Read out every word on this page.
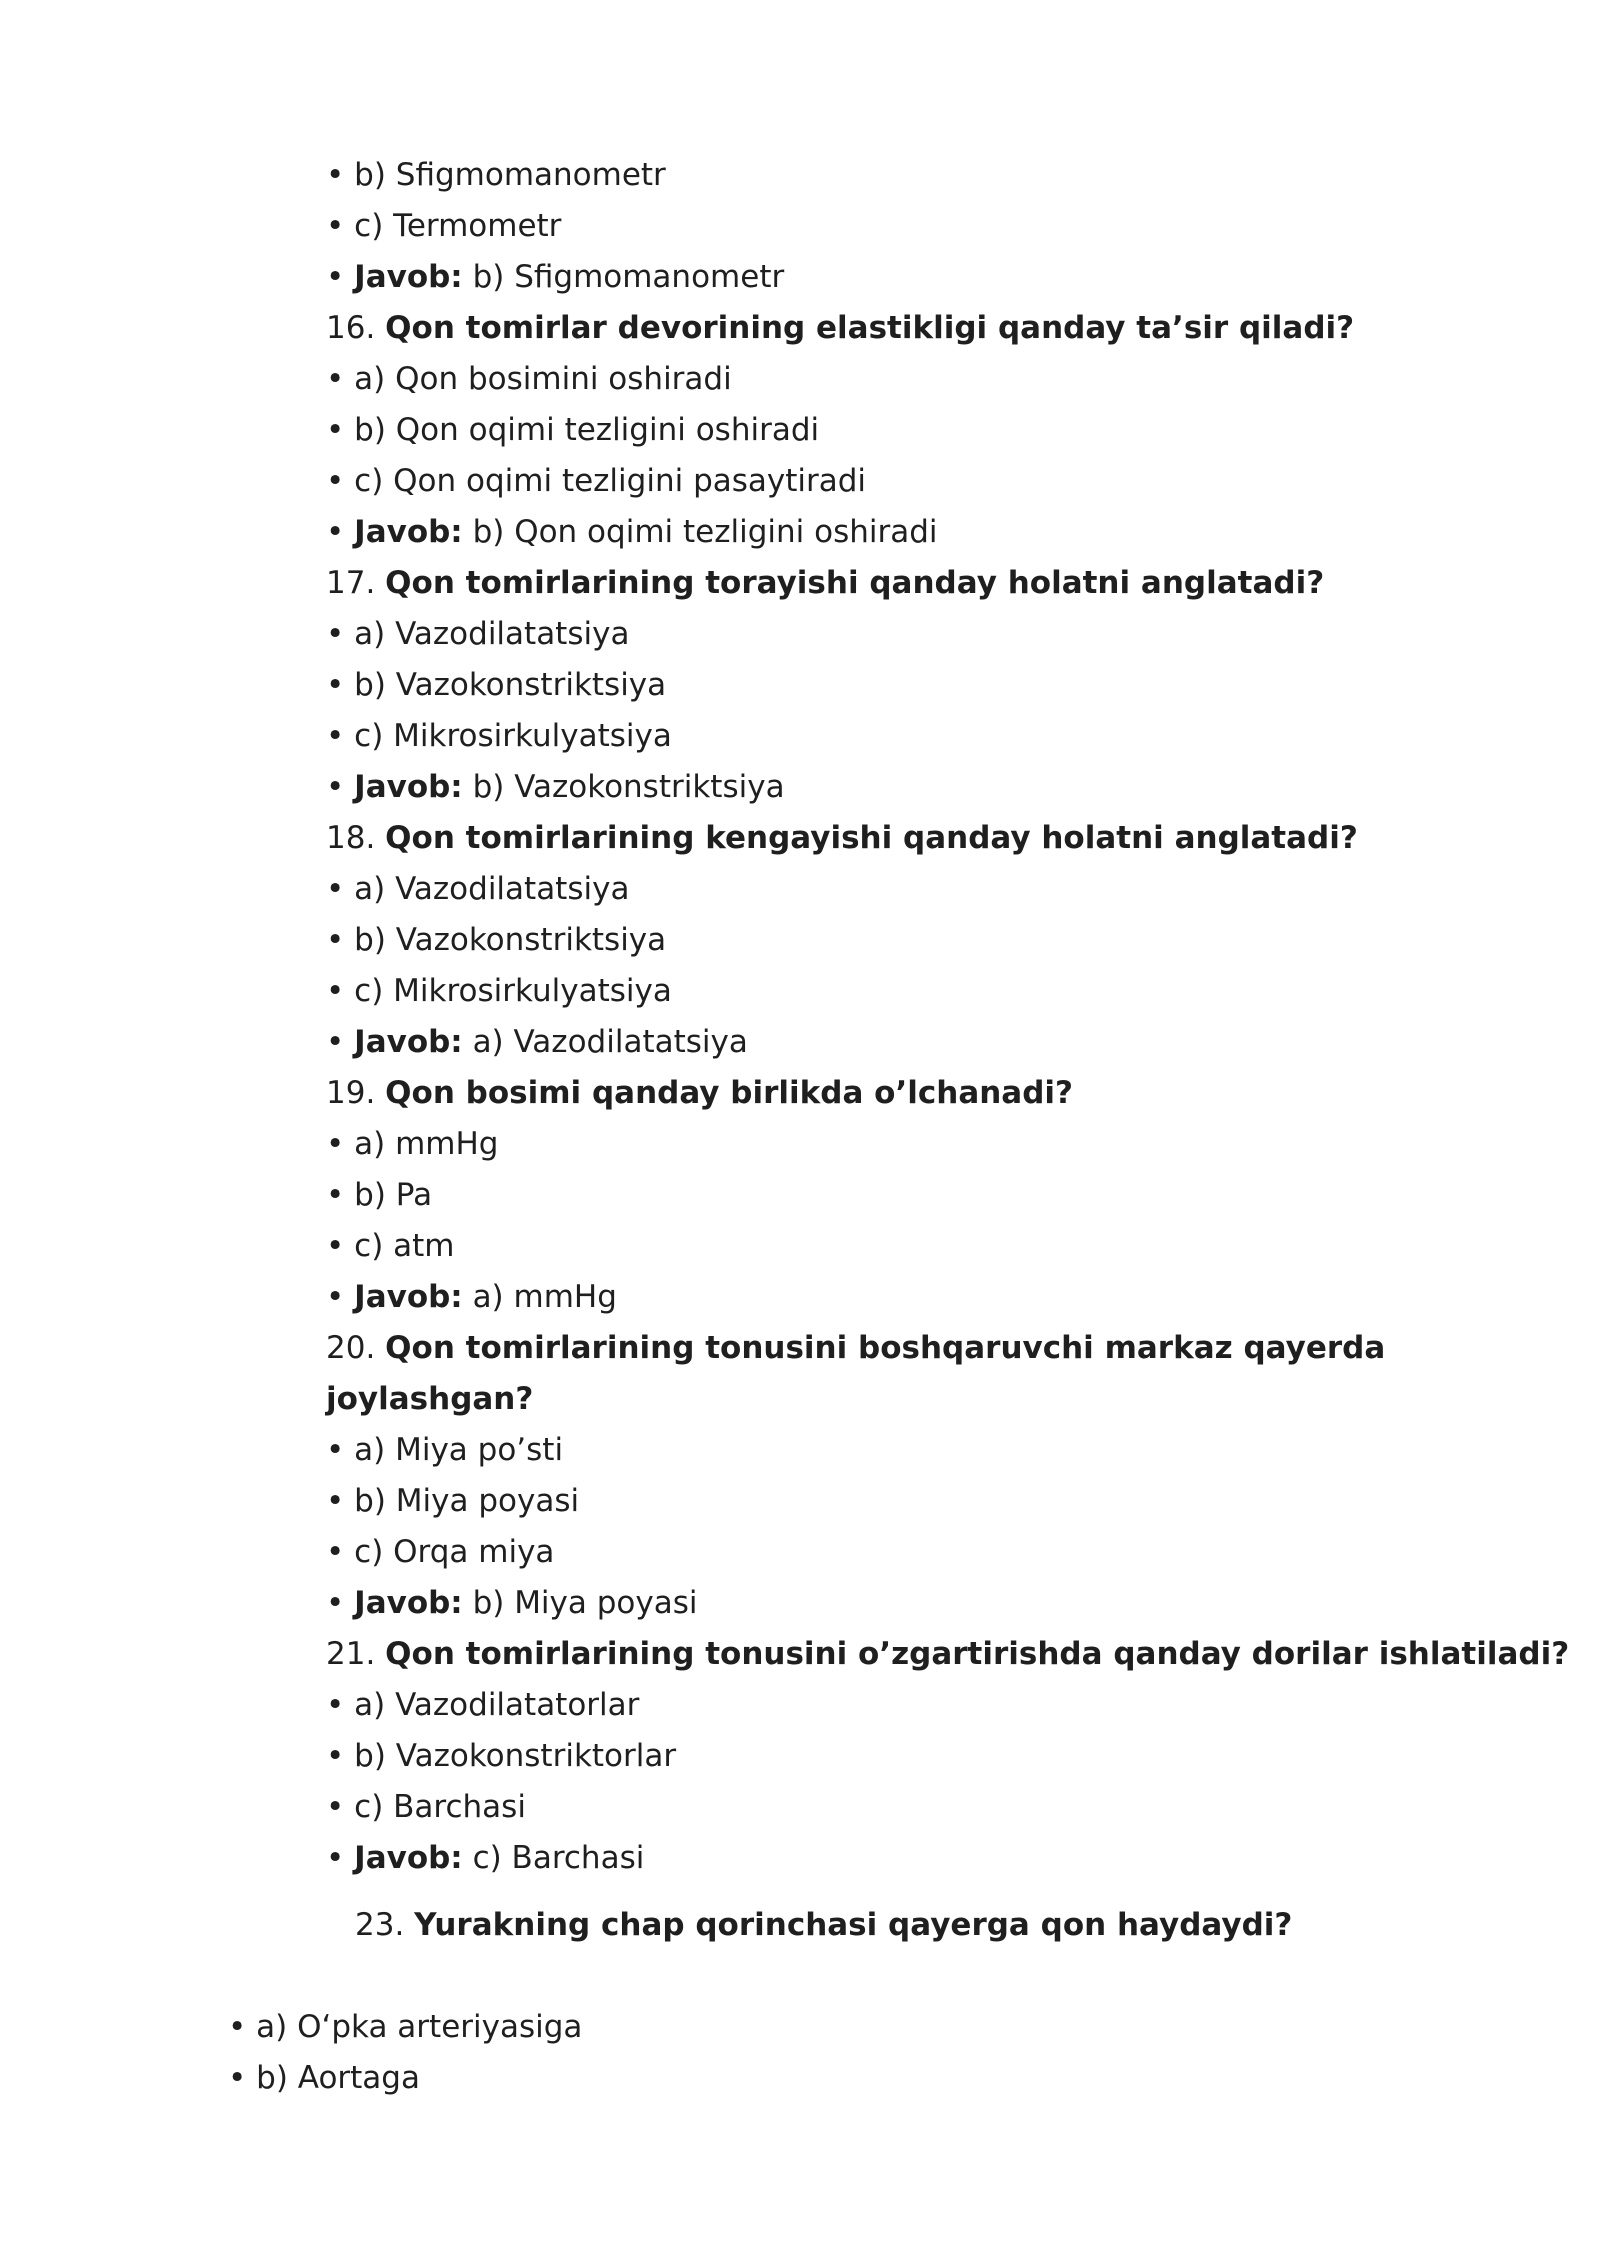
• b) Sfigmomanometr
• c) Termometr
• Javob: b) Sfigmomanometr
16. Qon tomirlar devorining elastikligi qanday ta’sir qiladi?
• a) Qon bosimini oshiradi
• b) Qon oqimi tezligini oshiradi
• c) Qon oqimi tezligini pasaytiradi
• Javob: b) Qon oqimi tezligini oshiradi
17. Qon tomirlarining torayishi qanday holatni anglatadi?
• a) Vazodilatatsiya
• b) Vazokonstriktsiya
• c) Mikrosirkulyatsiya
• Javob: b) Vazokonstriktsiya
18. Qon tomirlarining kengayishi qanday holatni anglatadi?
• a) Vazodilatatsiya
• b) Vazokonstriktsiya
• c) Mikrosirkulyatsiya
• Javob: a) Vazodilatatsiya
19. Qon bosimi qanday birlikda o’lchanadi?
• a) mmHg
• b) Pa
• c) atm
• Javob: a) mmHg
20. Qon tomirlarining tonusini boshqaruvchi markaz qayerda joylashgan?
• a) Miya po’sti
• b) Miya poyasi
• c) Orqa miya
• Javob: b) Miya poyasi
21. Qon tomirlarining tonusini o’zgartirishda qanday dorilar ishlatiladi?
• a) Vazodilatatorlar
• b) Vazokonstriktorlar
• c) Barchasi
• Javob: c) Barchasi
23. Yurakning chap qorinchasi qayerga qon haydaydi?
• a) O‘pka arteriyasiga
• b) Aortaga
